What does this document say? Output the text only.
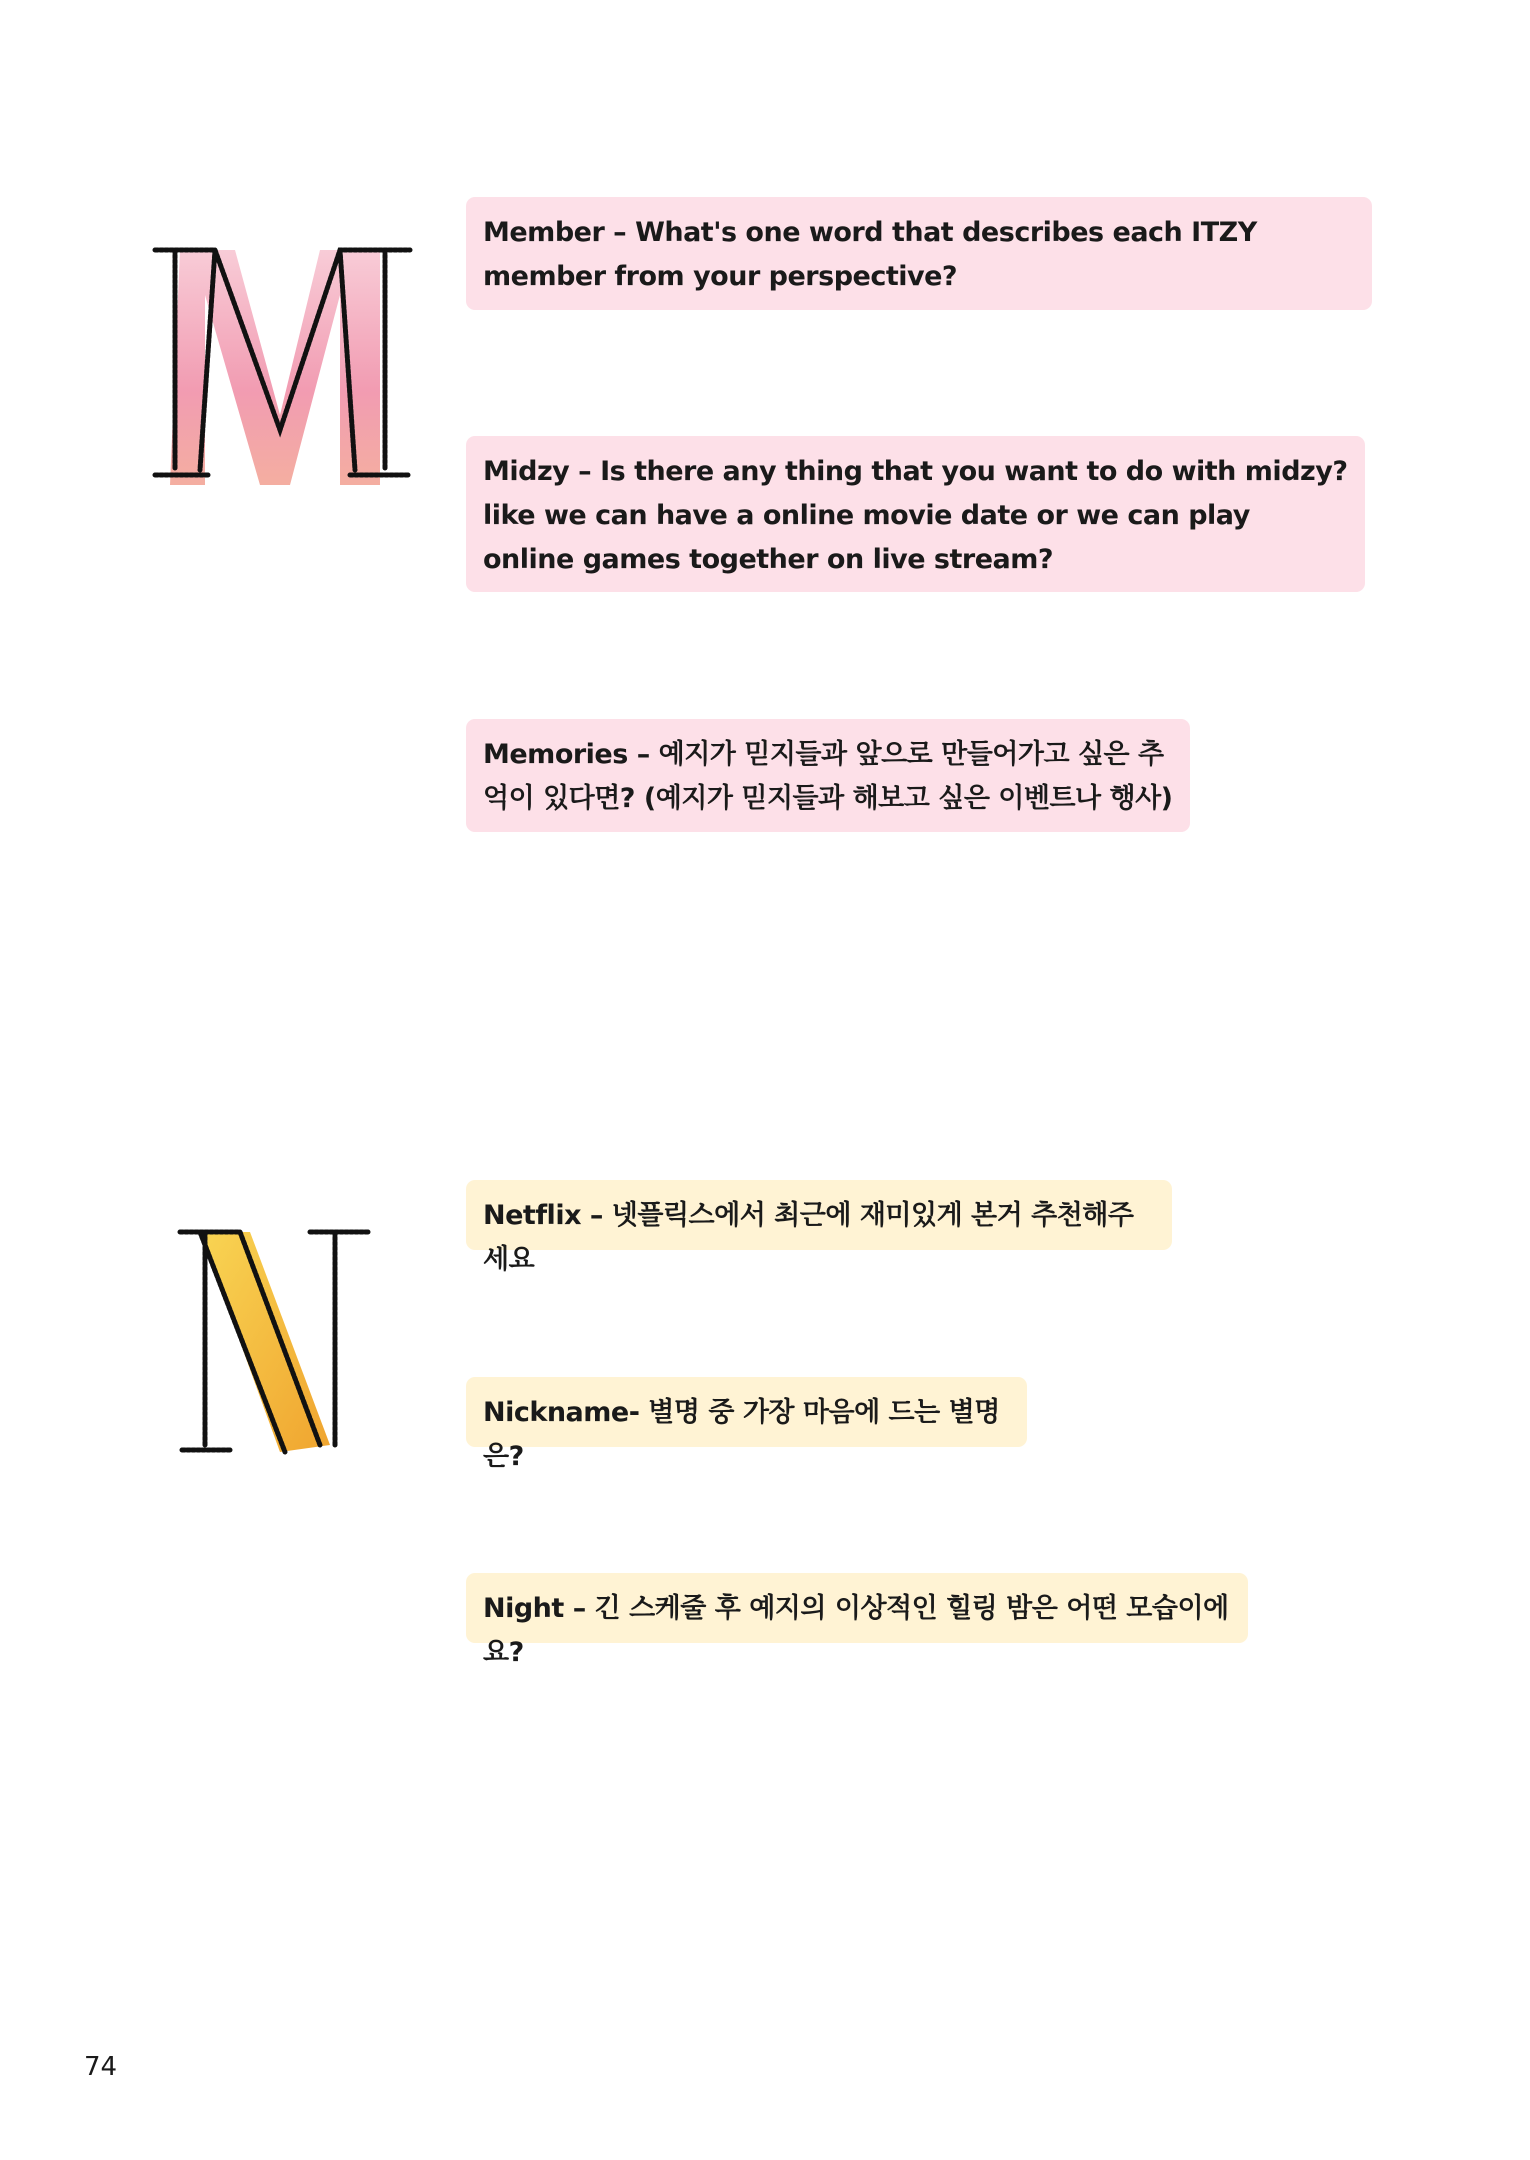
M
N
Member – What's one word that describes each ITZY member from your perspective?
Midzy – Is there any thing that you want to do with midzy? like we can have a online movie date or we can play online games together on live stream?
Memories – 예지가 믿지들과 앞으로 만들어가고 싶은 추억이 있다면? (예지가 믿지들과 해보고 싶은 이벤트나 행사)
Netflix – 넷플릭스에서 최근에 재미있게 본거 추천해주세요
Nickname- 별명 중 가장 마음에 드는 별명은?
Night – 긴 스케줄 후 예지의 이상적인 힐링 밤은 어떤 모습이에요?
74
